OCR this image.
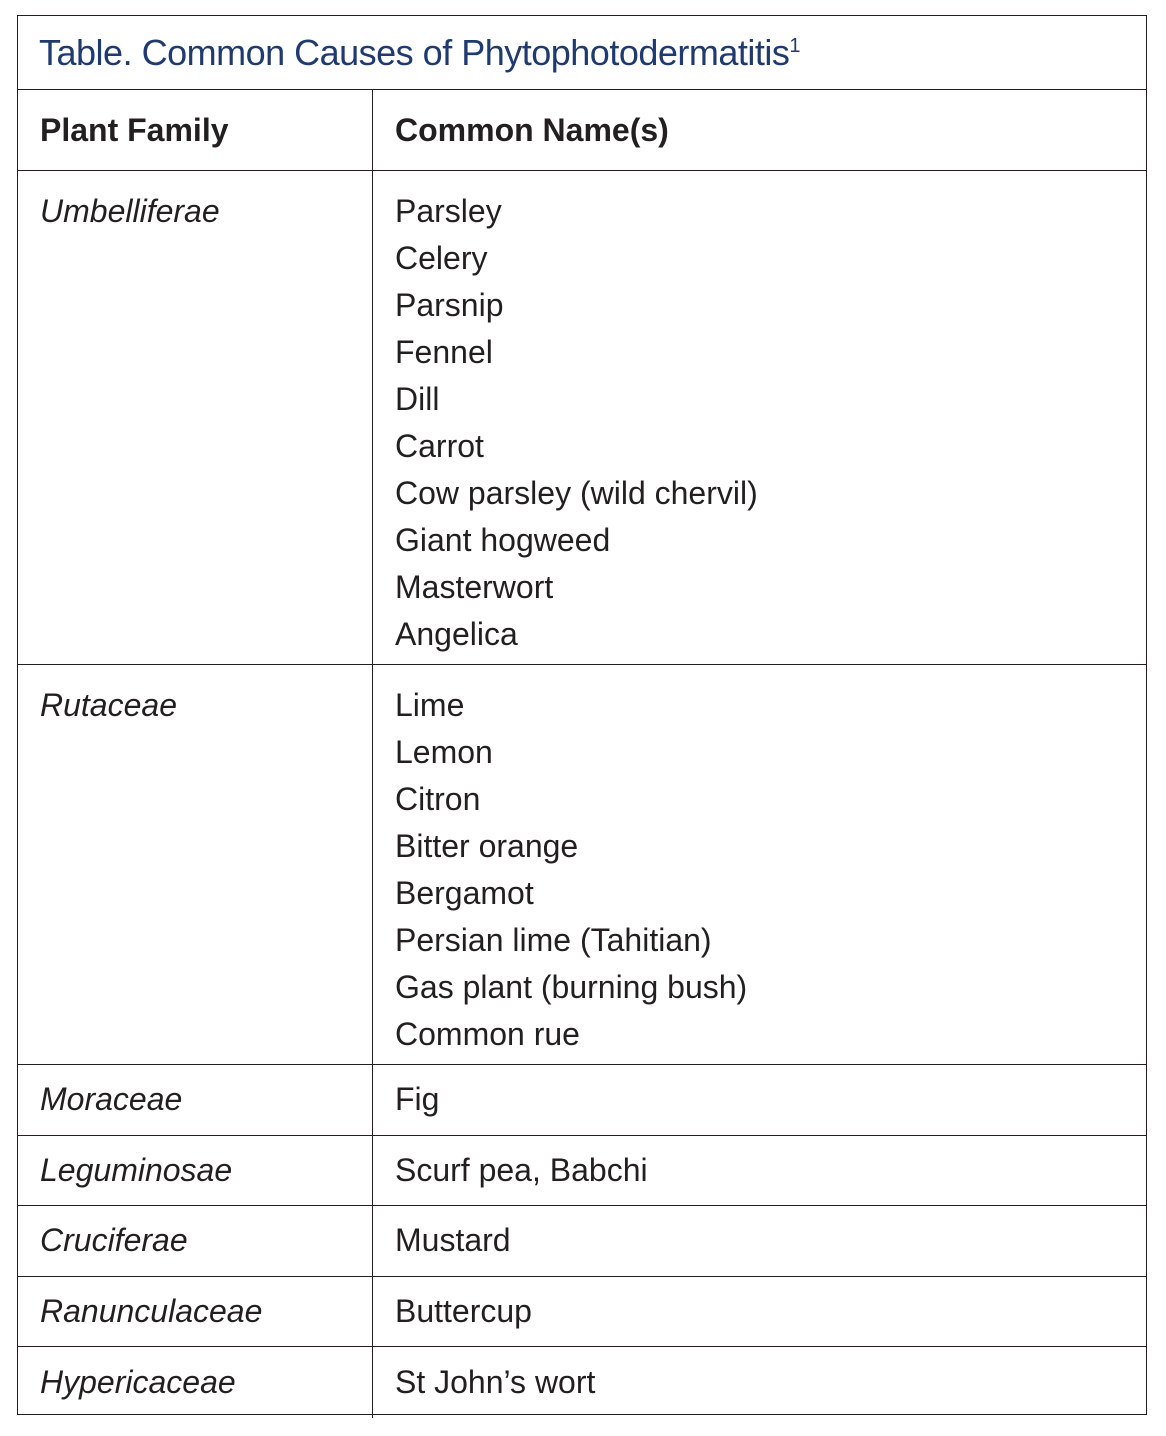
Table. Common Causes of Phytophotodermatitis$^1$
Plant Family	Common Name(s)
Umbelliferae	Parsley
Celery
Parsnip
Fennel
Dill
Carrot
Cow parsley (wild chervil)
Giant hogweed
Masterwort
Angelica
Rutaceae	Lime
Lemon
Citron
Bitter orange
Bergamot
Persian lime (Tahitian)
Gas plant (burning bush)
Common rue
Moraceae	Fig
Leguminosae	Scurf pea, Babchi
Cruciferae	Mustard
Ranunculaceae	Buttercup
Hypericaceae	St John’s wort
